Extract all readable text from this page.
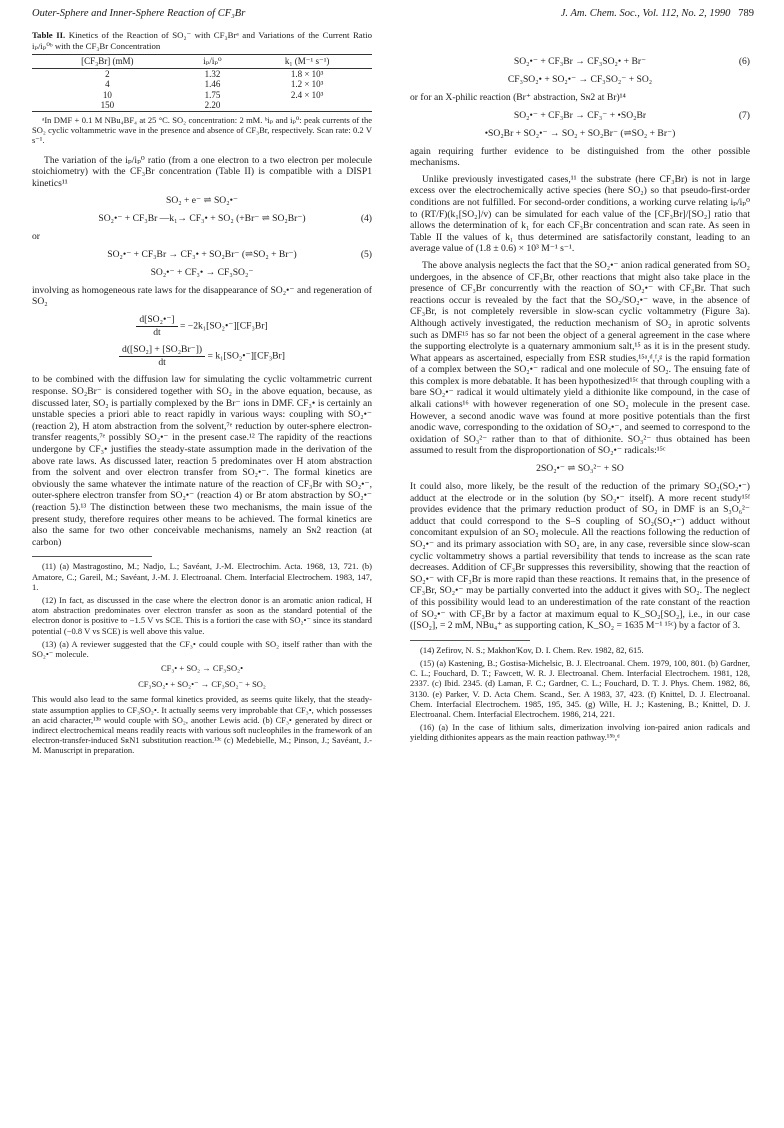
Outer-Sphere and Inner-Sphere Reaction of CF₃Br	J. Am. Chem. Soc., Vol. 112, No. 2, 1990 789
Table II. Kinetics of the Reaction of SO₂⁻ with CF₃Brᵃ and Variations of the Current Ratio iₚ/iₚ⁰ᵇ with the CF₃Br Concentration
[CF₃Br] (mM)	iₚ/iₚ⁰	k₁ (M⁻¹ s⁻¹)
2	1.32	1.8 × 10³
4	1.46	1.2 × 10³
10	1.75	2.4 × 10³
150	2.20	
ᵃIn DMF + 0.1 M NBu₄BF₄ at 25 °C. SO₂ concentration: 2 mM. ᵇiₚ and iₚ⁰: peak currents of the SO₂ cyclic voltammetric wave in the presence and absence of CF₃Br, respectively. Scan rate: 0.2 V s⁻¹.

The variation of the iₚ/iₚ⁰ ratio (from a one electron to a two electron per molecule stoichiometry) with the CF₃Br concentration (Table II) is compatible with a DISP1 kinetics¹¹

SO₂ + e⁻ ⇌ SO₂•⁻
SO₂•⁻ + CF₃Br —k₁→ CF₃• + SO₂ (+Br⁻ ⇌ SO₂Br⁻)	(4)

or

SO₂•⁻ + CF₃Br → CF₃• + SO₂Br⁻ (⇌SO₂ + Br⁻)	(5)
SO₂•⁻ + CF₃• → CF₃SO₂⁻

involving as homogeneous rate laws for the disappearance of SO₂•⁻ and regeneration of SO₂

$\frac{\text{d[SO₂•⁻]}}{dt}$ = −2k₁[SO₂•⁻][CF₃Br]
$\frac{\text{d([SO₂] + [SO₂Br⁻])}}{dt}$ = k₁[SO₂•⁻][CF₃Br]

to be combined with the diffusion law for simulating the cyclic voltammetric current response. SO₂Br⁻ is considered together with SO₂ in the above equation, because, as discussed later, SO₂ is partially complexed by the Br⁻ ions in DMF. CF₃• is certainly an unstable species a priori able to react rapidly in various ways: coupling with SO₂•⁻ (reaction 2), H atom abstraction from the solvent,⁷ᵉ reduction by outer-sphere electron-transfer reagents,⁷ᵉ possibly SO₂•⁻ in the present case.¹² The rapidity of the reactions undergone by CF₃• justifies the steady-state assumption made in the derivation of the above rate laws. As discussed later, reaction 5 predominates over H atom abstraction from the solvent and over electron transfer from SO₂•⁻. The formal kinetics are obviously the same whatever the intimate nature of the reaction of CF₃Br with SO₂•⁻, outer-sphere electron transfer from SO₂•⁻ (reaction 4) or Br atom abstraction by SO₂•⁻ (reaction 5).¹³ The distinction between these two mechanisms, the main issue of the present study, therefore requires other means to be achieved. The formal kinetics are also the same for two other conceivable mechanisms, namely an Sɴ2 reaction (at carbon)

(11) (a) Mastragostino, M.; Nadjo, L.; Savéant, J.-M. Electrochim. Acta. 1968, 13, 721. (b) Amatore, C.; Gareil, M.; Savéant, J.-M. J. Electroanal. Chem. Interfacial Electrochem. 1983, 147, 1.

(12) In fact, as discussed in the case where the electron donor is an aromatic anion radical, H atom abstraction predominates over electron transfer as soon as the standard potential of the electron donor is positive to −1.5 V vs SCE. This is a fortiori the case with SO₂•⁻ since its standard potential (−0.8 V vs SCE) is well above this value.

(13) (a) A reviewer suggested that the CF₃• could couple with SO₂ itself rather than with the SO₂•⁻ molecule.

CF₃• + SO₂ → CF₃SO₂•
CF₃SO₂• + SO₂•⁻ → CF₃SO₂⁻ + SO₂

This would also lead to the same formal kinetics provided, as seems quite likely, that the steady-state assumption applies to CF₃SO₂•. It actually seems very improbable that CF₃•, which possesses an acid character,¹³ᵇ would couple with SO₂, another Lewis acid. (b) CF₃• generated by direct or indirect electrochemical means readily reacts with various soft nucleophiles in the framework of an electron-transfer-induced SʀN1 substitution reaction.¹³ᶜ (c) Medebielle, M.; Pinson, J.; Savéant, J.-M. Manuscript in preparation.

SO₂•⁻ + CF₃Br → CF₃SO₂• + Br⁻	(6)
CF₃SO₂• + SO₂•⁻ → CF₃SO₂⁻ + SO₂

or for an X-philic reaction (Br⁺ abstraction, Sɴ2 at Br)¹⁴

SO₂•⁻ + CF₃Br → CF₃⁻ + •SO₂Br	(7)
•SO₂Br + SO₂•⁻ → SO₂ + SO₂Br⁻ (⇌SO₂ + Br⁻)

again requiring further evidence to be distinguished from the other possible mechanisms.

Unlike previously investigated cases,¹¹ the substrate (here CF₃Br) is not in large excess over the electrochemically active species (here SO₂) so that pseudo-first-order conditions are not fulfilled. For second-order conditions, a working curve relating iₚ/iₚ⁰ to (RT/F)(k₁[SO₂]/v) can be simulated for each value of the [CF₃Br]/[SO₂] ratio that allows the determination of k₁ for each CF₃Br concentration and scan rate. As seen in Table II the values of k₁ thus determined are satisfactorily constant, leading to an average value of (1.8 ± 0.6) × 10³ M⁻¹ s⁻¹.

The above analysis neglects the fact that the SO₂•⁻ anion radical generated from SO₂ undergoes, in the absence of CF₃Br, other reactions that might also take place in the presence of CF₃Br concurrently with the reaction of SO₂•⁻ with CF₃Br. That such reactions occur is revealed by the fact that the SO₂/SO₂•⁻ wave, in the absence of CF₃Br, is not completely reversible in slow-scan cyclic voltammetry (Figure 3a). Although actively investigated, the reduction mechanism of SO₂ in aprotic solvents such as DMF¹⁵ has so far not been the object of a general agreement in the case where the supporting electrolyte is a quaternary ammonium salt,¹⁵ as it is in the present study. What appears as ascertained, especially from ESR studies,¹⁵ᵃ,ᵈ,ᶠ,ᵍ is the rapid formation of a complex between the SO₂•⁻ radical and one molecule of SO₂. The ensuing fate of this complex is more debatable. It has been hypothesized¹⁵ᶜ that through coupling with a bare SO₂•⁻ radical it would ultimately yield a dithionite like compound, in the case of alkali cations¹⁶ with however regeneration of one SO₂ molecule in the present case. However, a second anodic wave was found at more positive potentials than the first anodic wave, corresponding to the oxidation of SO₂•⁻, and seemed to correspond to the oxidation of SO₃²⁻ rather than to that of dithionite. SO₃²⁻ thus obtained has been assumed to result from the disproportionation of SO₂•⁻ radicals:¹⁵ᶜ

2SO₂•⁻ ⇌ SO₃²⁻ + SO

It could also, more likely, be the result of the reduction of the primary SO₂(SO₂•⁻) adduct at the electrode or in the solution (by SO₂•⁻ itself). A more recent study¹⁵ᶠ provides evidence that the primary reduction product of SO₂ in DMF is an S₃O₆²⁻ adduct that could correspond to the S–S coupling of SO₂(SO₂•⁻) adduct without concomitant expulsion of an SO₂ molecule. All the reactions following the reduction of SO₂•⁻ and its primary association with SO₂ are, in any case, reversible since slow-scan cyclic voltammetry shows a partial reversibility that tends to increase as the scan rate decreases. Addition of CF₃Br suppresses this reversibility, showing that the reaction of SO₂•⁻ with CF₃Br is more rapid than these reactions. It remains that, in the presence of CF₃Br, SO₂•⁻ may be partially converted into the adduct it gives with SO₂. The neglect of this possibility would lead to an underestimation of the rate constant of the reaction of SO₂•⁻ with CF₃Br by a factor at maximum equal to K_SO₂[SO₂], i.e., in our case ([SO₂], = 2 mM, NBu₄⁺ as supporting cation, K_SO₂ = 1635 M⁻¹ ¹⁵ᶜ) by a factor of 3.

(14) Zefirov, N. S.; Makhon'Kov, D. I. Chem. Rev. 1982, 82, 615.

(15) (a) Kastening, B.; Gostisa-Michelsic, B. J. Electroanal. Chem. 1979, 100, 801. (b) Gardner, C. L.; Fouchard, D. T.; Fawcett, W. R. J. Electroanal. Chem. Interfacial Electrochem. 1981, 128, 2337. (c) Ibid. 2345. (d) Laman, F. C.; Gardner, C. L.; Fouchard, D. T. J. Phys. Chem. 1982, 86, 3130. (e) Parker, V. D. Acta Chem. Scand., Ser. A 1983, 37, 423. (f) Knittel, D. J. Electroanal. Chem. Interfacial Electrochem. 1985, 195, 345. (g) Wille, H. J.; Kastening, B.; Knittel, D. J. Electroanal. Chem. Interfacial Electrochem. 1986, 214, 221.

(16) (a) In the case of lithium salts, dimerization involving ion-paired anion radicals and yielding dithionites appears as the main reaction pathway.¹⁵ᵇ,ᵈ
